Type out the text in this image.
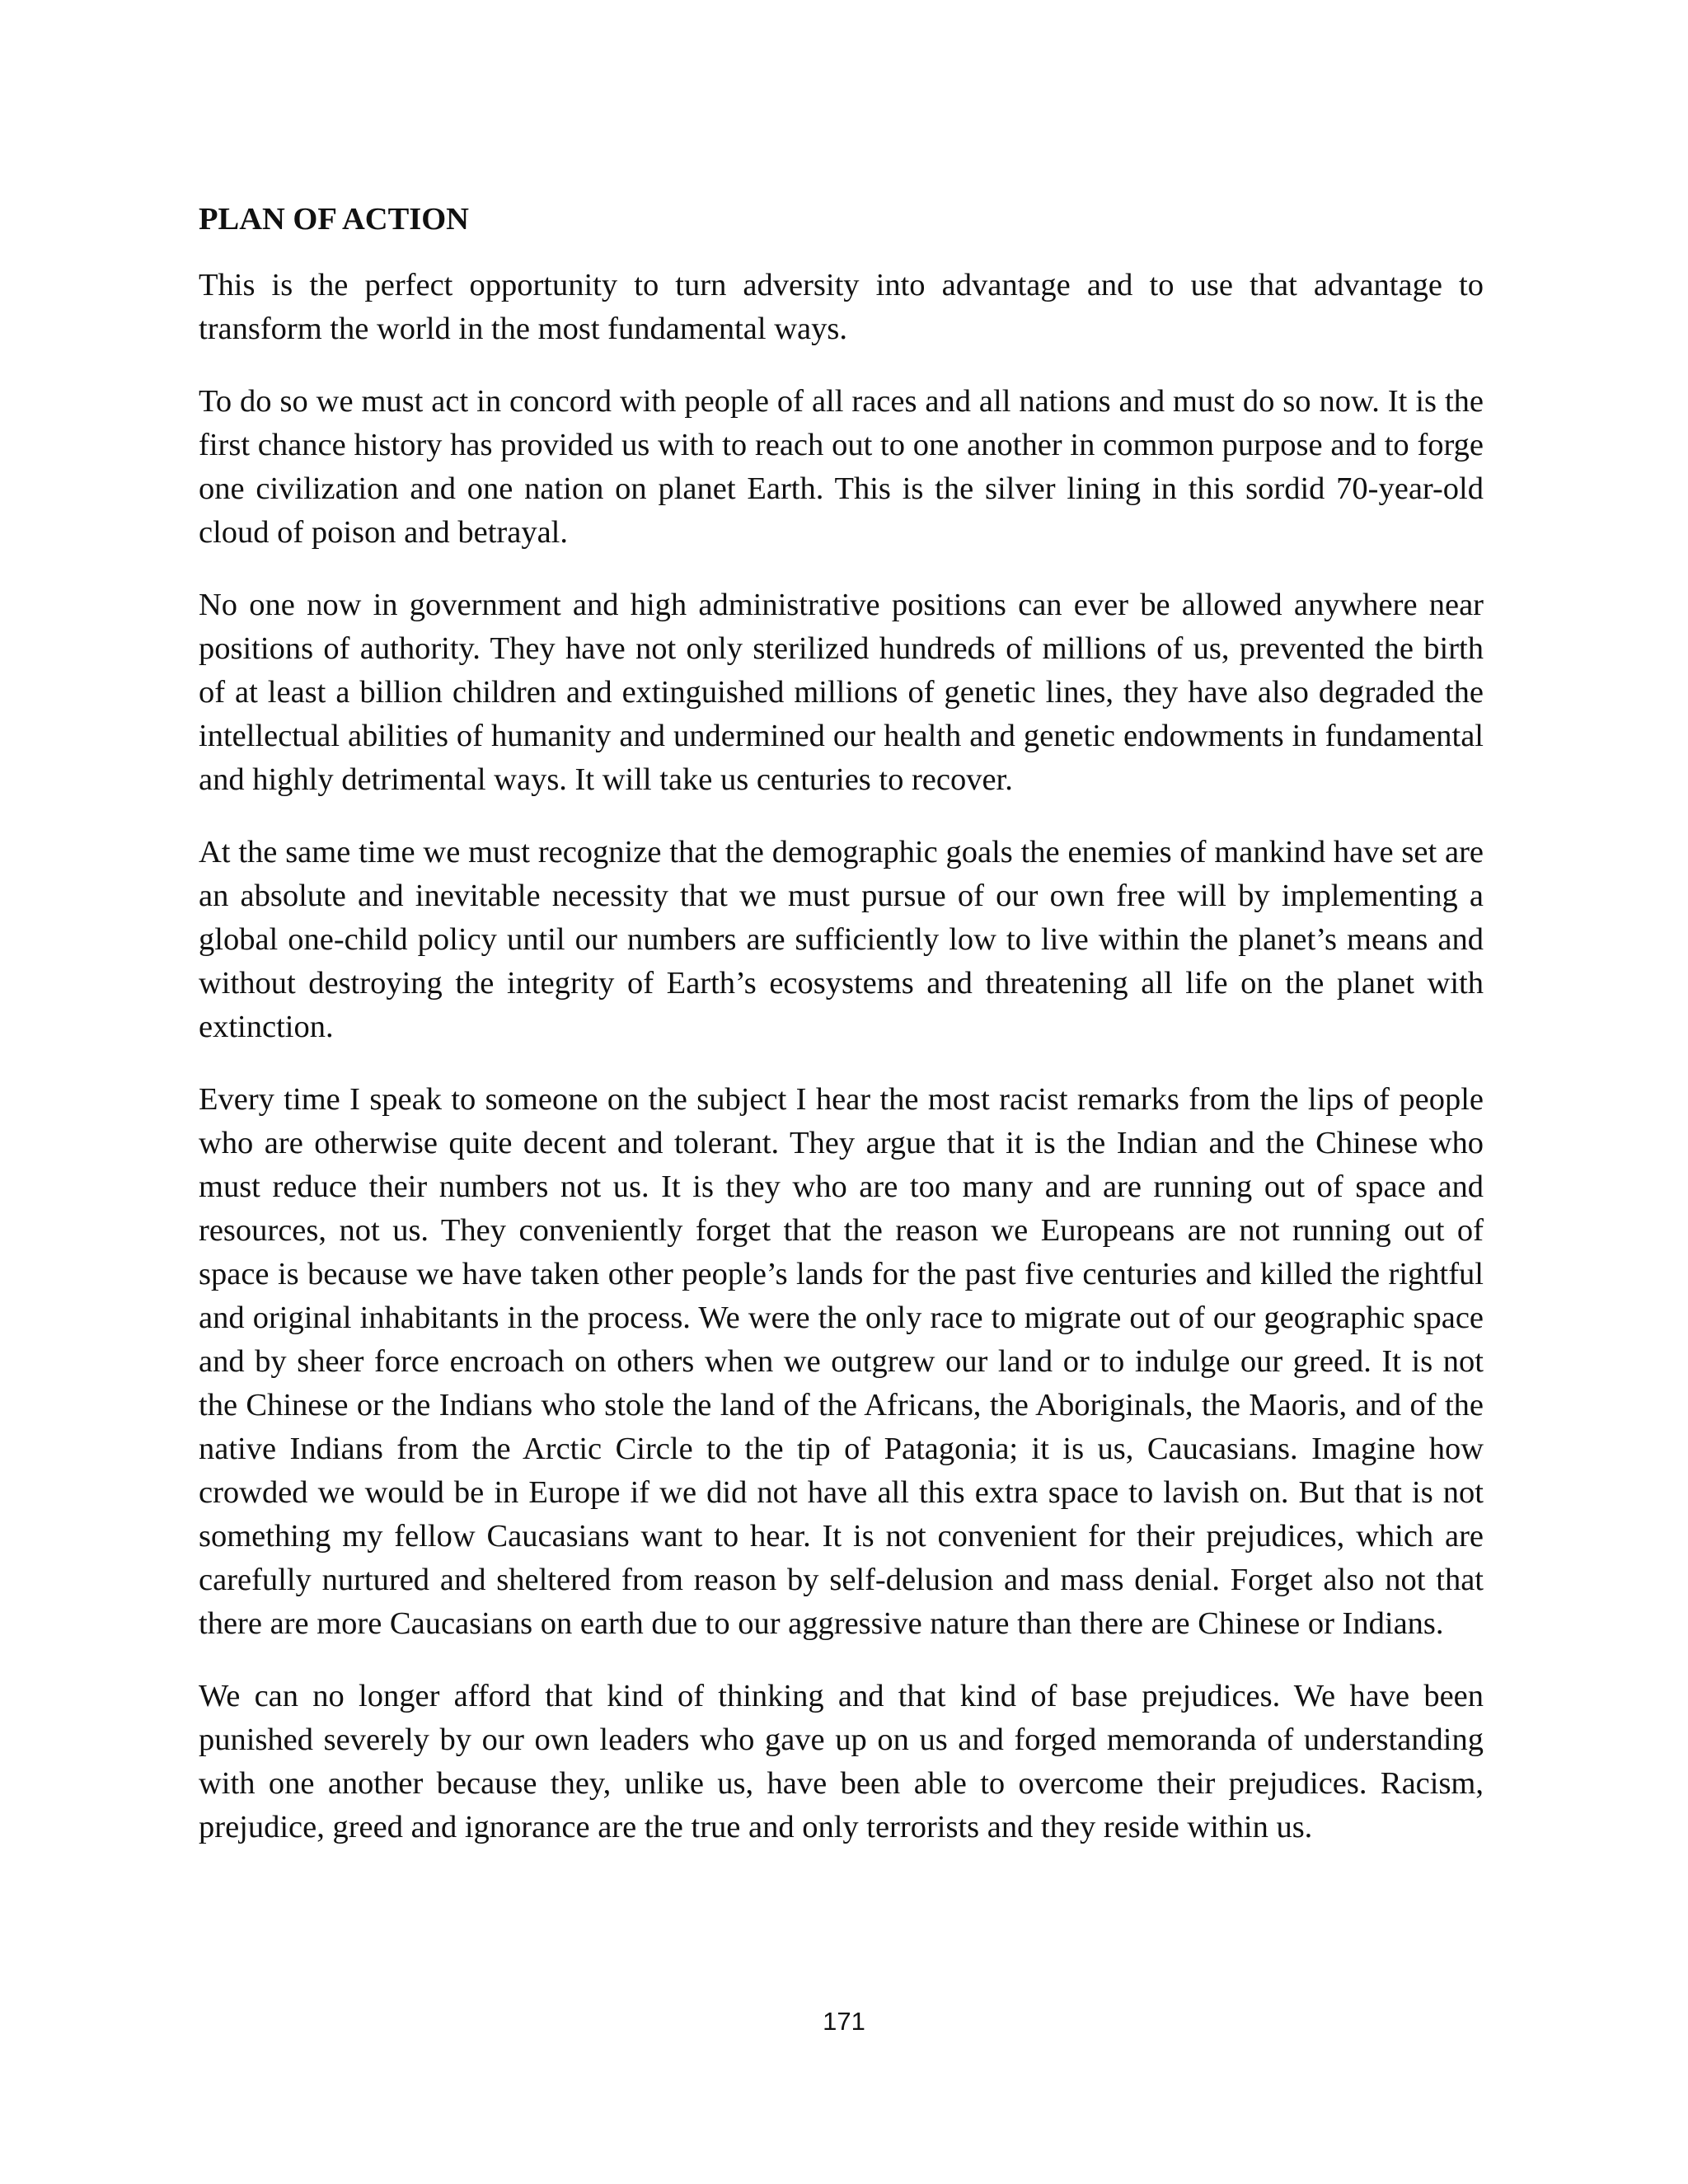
PLAN OF ACTION

This is the perfect opportunity to turn adversity into advantage and to use that advantage to transform the world in the most fundamental ways.

To do so we must act in concord with people of all races and all nations and must do so now. It is the first chance history has provided us with to reach out to one another in common purpose and to forge one civilization and one nation on planet Earth. This is the silver lining in this sordid 70-year-old cloud of poison and betrayal.

No one now in government and high administrative positions can ever be allowed anywhere near positions of authority. They have not only sterilized hundreds of millions of us, prevented the birth of at least a billion children and extinguished millions of genetic lines, they have also degraded the intellectual abilities of humanity and undermined our health and genetic endowments in fundamental and highly detrimental ways. It will take us centuries to recover.

At the same time we must recognize that the demographic goals the enemies of mankind have set are an absolute and inevitable necessity that we must pursue of our own free will by implementing a global one-child policy until our numbers are sufficiently low to live within the planet’s means and without destroying the integrity of Earth’s ecosystems and threatening all life on the planet with extinction.

Every time I speak to someone on the subject I hear the most racist remarks from the lips of people who are otherwise quite decent and tolerant. They argue that it is the Indian and the Chinese who must reduce their numbers not us. It is they who are too many and are running out of space and resources, not us. They conveniently forget that the reason we Europeans are not running out of space is because we have taken other people’s lands for the past five centuries and killed the rightful and original inhabitants in the process. We were the only race to migrate out of our geographic space and by sheer force encroach on others when we outgrew our land or to indulge our greed. It is not the Chinese or the Indians who stole the land of the Africans, the Aboriginals, the Maoris, and of the native Indians from the Arctic Circle to the tip of Patagonia; it is us, Caucasians. Imagine how crowded we would be in Europe if we did not have all this extra space to lavish on. But that is not something my fellow Caucasians want to hear. It is not convenient for their prejudices, which are carefully nurtured and sheltered from reason by self-delusion and mass denial. Forget also not that there are more Caucasians on earth due to our aggressive nature than there are Chinese or Indians.

We can no longer afford that kind of thinking and that kind of base prejudices. We have been punished severely by our own leaders who gave up on us and forged memoranda of understanding with one another because they, unlike us, have been able to overcome their prejudices. Racism, prejudice, greed and ignorance are the true and only terrorists and they reside within us.

171
